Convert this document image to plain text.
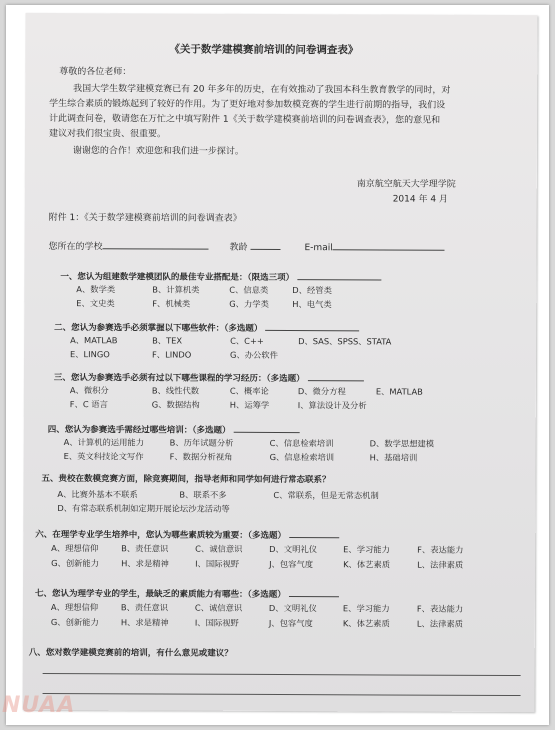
《关于数学建模赛前培训的问卷调查表》
尊敬的各位老师：
我国大学生数学建模竞赛已有 20 年多年的历史，在有效推动了我国本科生教育教学的同时，对
学生综合素质的锻炼起到了较好的作用。为了更好地对参加数模竞赛的学生进行前期的指导，我们设
计此调查问卷，敬请您在万忙之中填写附件 1《关于数学建模赛前培训的问卷调查表》，您的意见和
建议对我们很宝贵、很重要。
谢谢您的合作！欢迎您和我们进一步探讨。
南京航空航天大学理学院
2014 年 4 月
附件 1：《关于数学建模赛前培训的问卷调查表》
您所在的学校	教龄	E-mail
一、您认为组建数学建模团队的最佳专业搭配是：（限选三项）
A、数学类	B、计算机类	C、信息类	D、经管类
E、文史类	F、机械类	G、力学类	H、电气类
二、您认为参赛选手必须掌握以下哪些软件：（多选题）
A、MATLAB	B、TEX	C、C++	D、SAS、SPSS、STATA
E、LINGO	F、LINDO	G、办公软件
三、您认为参赛选手必须有过以下哪些课程的学习经历：（多选题）
A、微积分	B、线性代数	C、概率论	D、微分方程	E、MATLAB
F、C 语言	G、数据结构	H、运筹学	I、算法设计及分析
四、您认为参赛选手需经过哪些培训：（多选题）
A、计算机的运用能力	B、历年试题分析	C、信息检索培训	D、数学思想建模
E、英文科技论文写作	F、数据分析视角	G、信息检索培训	H、基础培训
五、贵校在数模竞赛方面，除竞赛期间，指导老师和同学如何进行常态联系？
A、比赛外基本不联系	B、联系不多	C、常联系，但是无常态机制
D、有常态联系机制如定期开展论坛沙龙活动等
六、在理学专业学生培养中，您认为哪些素质较为重要：（多选题）
A、理想信仰	B、责任意识	C、诚信意识	D、文明礼仪	E、学习能力	F、表达能力
G、创新能力	H、求是精神	I、国际视野	J、包容气度	K、体艺素质	L、法律素质
七、您认为理学专业的学生，最缺乏的素质能力有哪些：（多选题）
A、理想信仰	B、责任意识	C、诚信意识	D、文明礼仪	E、学习能力	F、表达能力
G、创新能力	H、求是精神	I、国际视野	J、包容气度	K、体艺素质	L、法律素质
八、您对数学建模竞赛前的培训，有什么意见或建议？
NUAA
